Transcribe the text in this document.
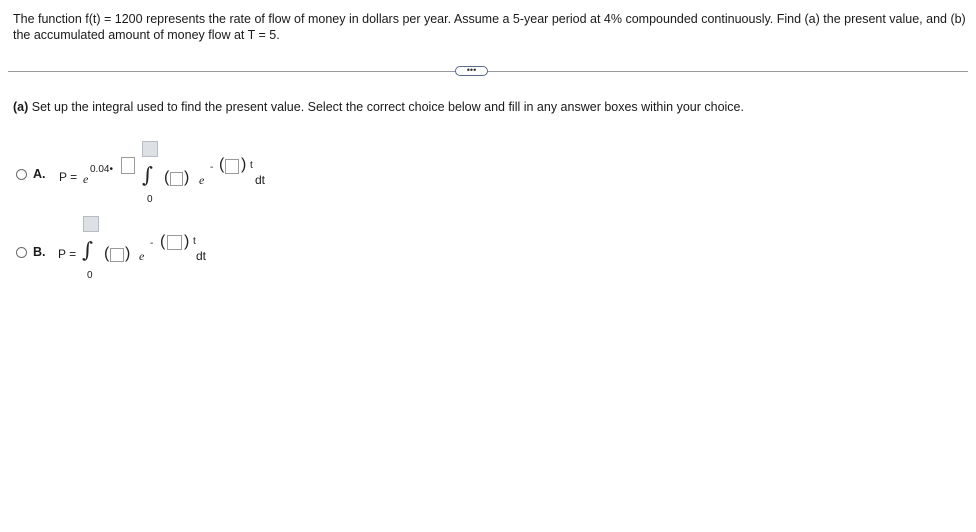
The function f(t) = 1200 represents the rate of flow of money in dollars per year. Assume a 5-year period at 4% compounded continuously. Find (a) the present value, and (b) the accumulated amount of money flow at T = 5.
•••
(a) Set up the integral used to find the present value. Select the correct choice below and fill in any answer boxes within your choice.
A. P = e
0.04• ∫
0
( ) e
- ( ) t
dt
B. P = ∫
0
( ) e
- ( ) t
dt
